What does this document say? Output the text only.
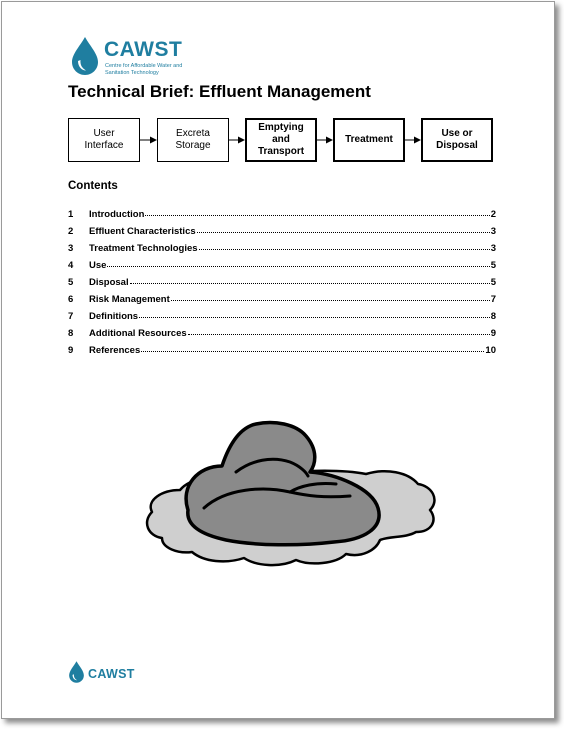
CAWST
Centre for Affordable Water and Sanitation Technology
Technical Brief: Effluent Management
User Interface
Excreta Storage
Emptying and Transport
Treatment
Use or Disposal
Contents
1	Introduction	2
2	Effluent Characteristics	3
3	Treatment Technologies	3
4	Use	5
5	Disposal	5
6	Risk Management	7
7	Definitions	8
8	Additional Resources	9
9	References	10
CAWST
